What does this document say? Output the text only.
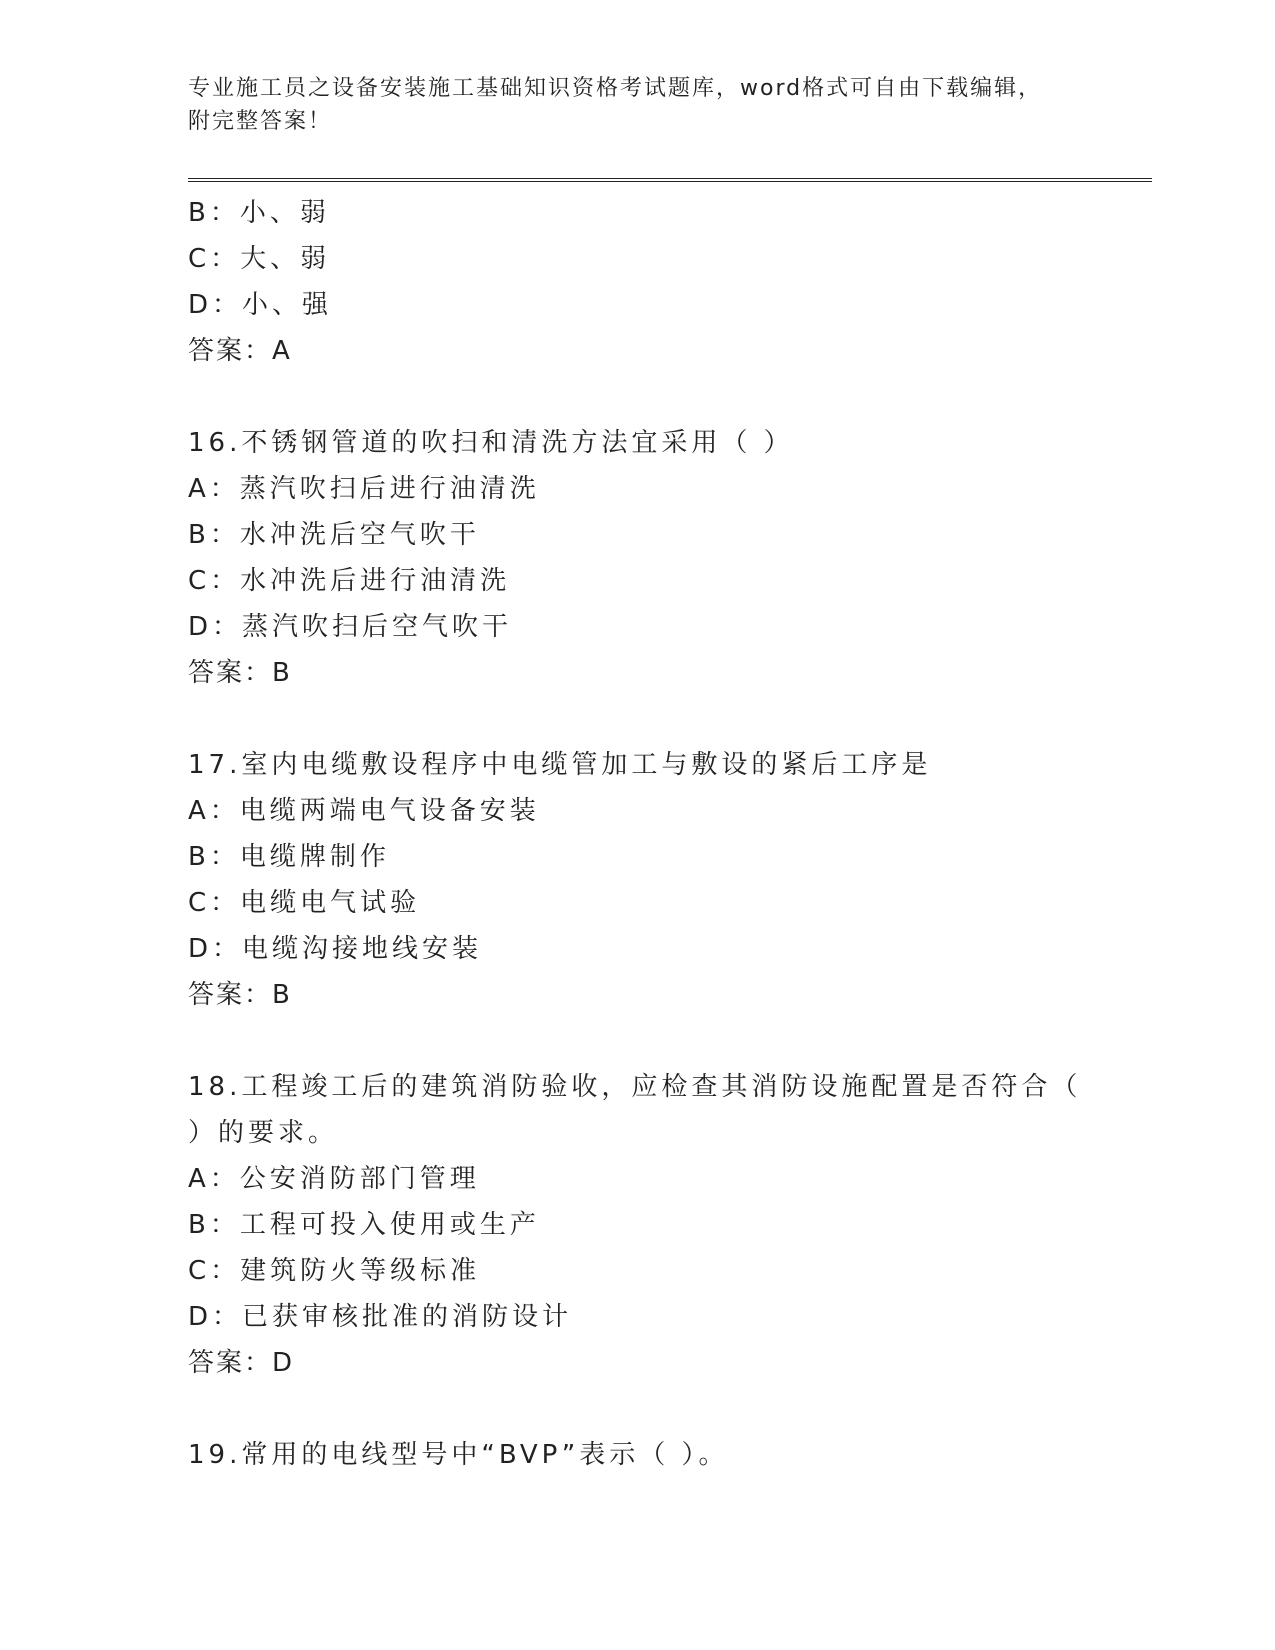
专业施工员之设备安装施工基础知识资格考试题库，word格式可自由下载编辑，
附完整答案！
B：小、弱
C：大、弱
D：小、强
答案：A
16.不锈钢管道的吹扫和清洗方法宜采用（ ）
A：蒸汽吹扫后进行油清洗
B：水冲洗后空气吹干
C：水冲洗后进行油清洗
D：蒸汽吹扫后空气吹干
答案：B
17.室内电缆敷设程序中电缆管加工与敷设的紧后工序是
A：电缆两端电气设备安装
B：电缆牌制作
C：电缆电气试验
D：电缆沟接地线安装
答案：B
18.工程竣工后的建筑消防验收，应检查其消防设施配置是否符合（
）的要求。
A：公安消防部门管理
B：工程可投入使用或生产
C：建筑防火等级标准
D：已获审核批准的消防设计
答案：D
19.常用的电线型号中“BVP”表示（ ）。
